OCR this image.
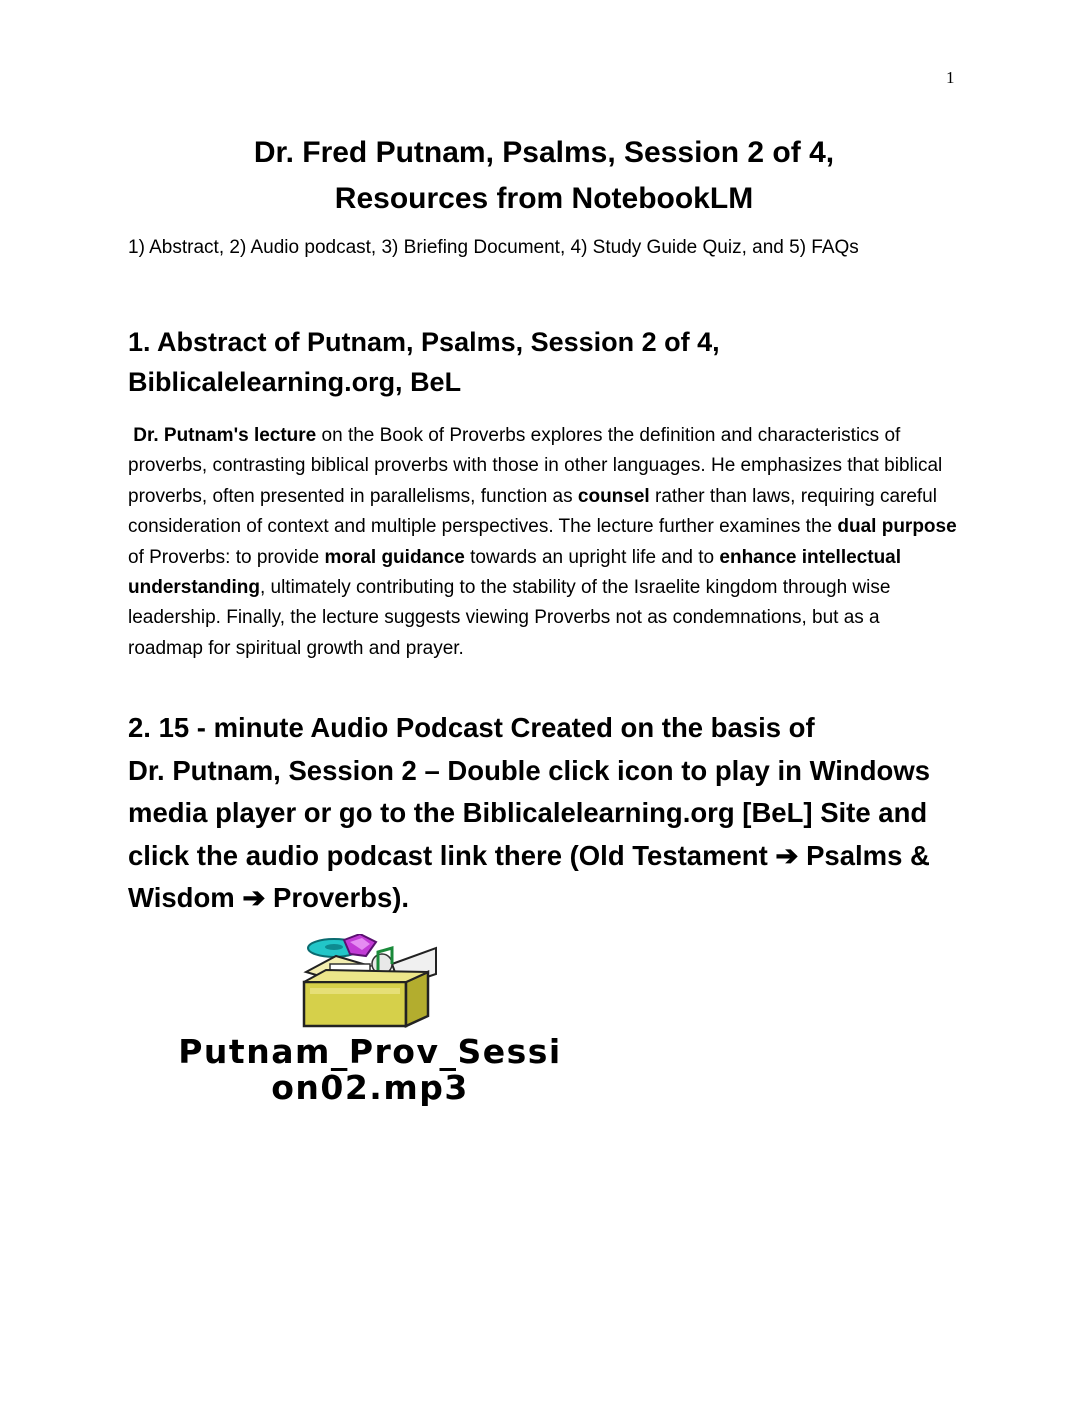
1
Dr. Fred Putnam, Psalms, Session 2 of 4,
Resources from NotebookLM
1) Abstract, 2) Audio podcast, 3) Briefing Document, 4) Study Guide Quiz, and 5) FAQs
1. Abstract of Putnam, Psalms, Session 2 of 4,
Biblicalelearning.org, BeL
Dr. Putnam's lecture on the Book of Proverbs explores the definition and characteristics of proverbs, contrasting biblical proverbs with those in other languages. He emphasizes that biblical proverbs, often presented in parallelisms, function as counsel rather than laws, requiring careful consideration of context and multiple perspectives. The lecture further examines the dual purpose of Proverbs: to provide moral guidance towards an upright life and to enhance intellectual understanding, ultimately contributing to the stability of the Israelite kingdom through wise leadership. Finally, the lecture suggests viewing Proverbs not as condemnations, but as a roadmap for spiritual growth and prayer.
2. 15 - minute Audio Podcast Created on the basis of
Dr. Putnam, Session 2 – Double click icon to play in Windows
media player or go to the Biblicalelearning.org [BeL] Site and
click the audio podcast link there (Old Testament ➔ Psalms &
Wisdom ➔ Proverbs).
Putnam_Prov_Sessi
on02.mp3
